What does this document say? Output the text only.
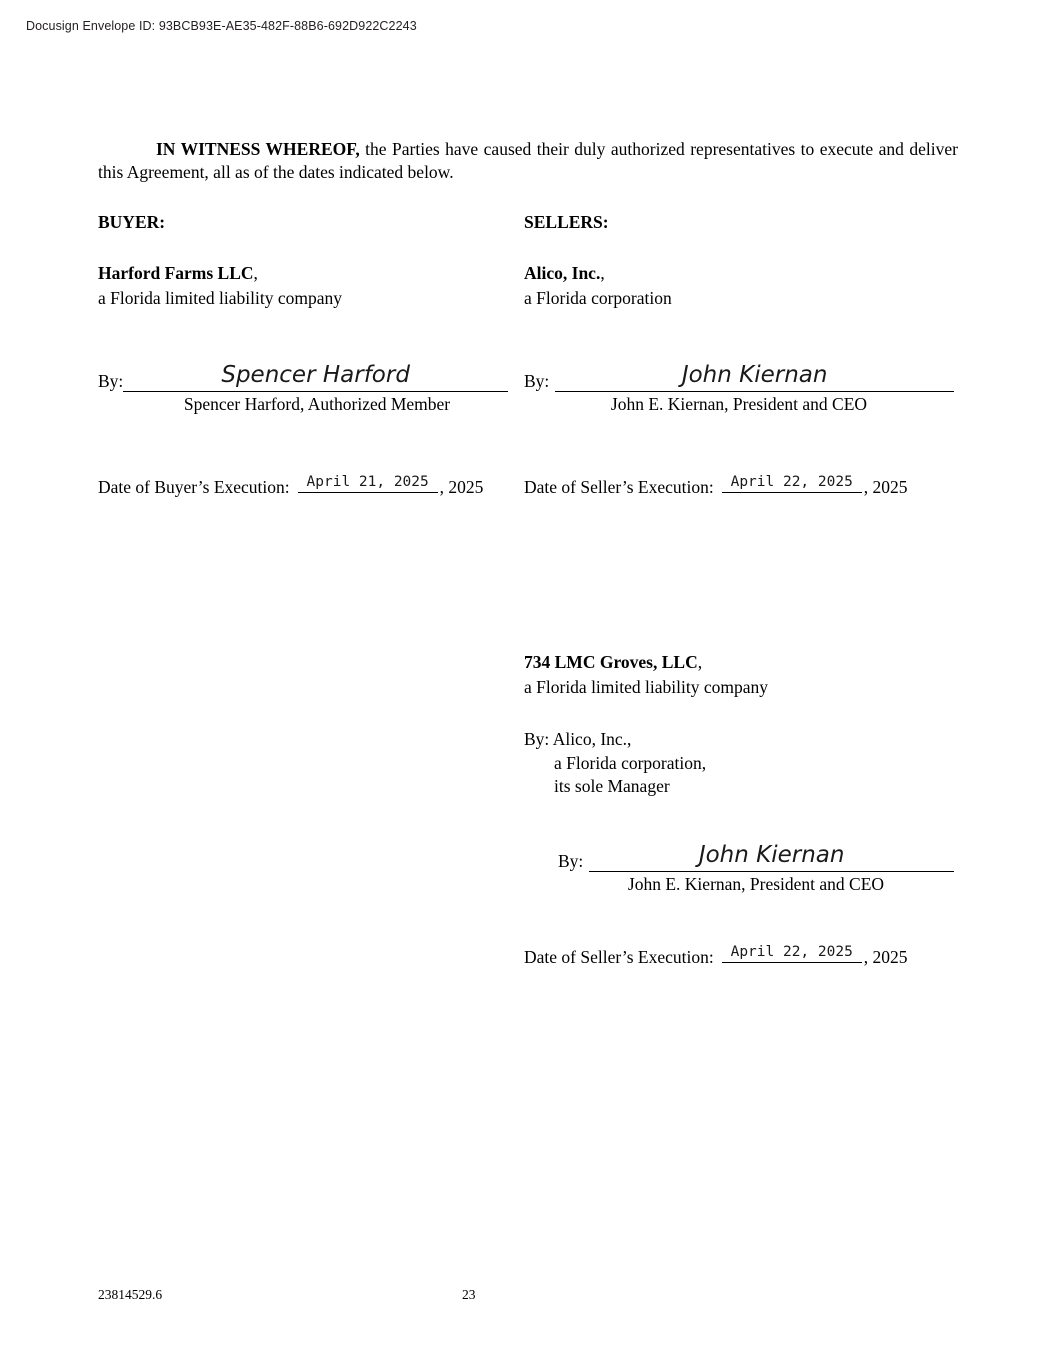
Docusign Envelope ID: 93BCB93E-AE35-482F-88B6-692D922C2243

IN WITNESS WHEREOF, the Parties have caused their duly authorized representatives to execute and deliver this Agreement, all as of the dates indicated below.

BUYER:
Harford Farms LLC,
a Florida limited liability company
By:	Spencer Harford
Spencer Harford, Authorized Member
Date of Buyer’s Execution: April 21, 2025 , 2025
SELLERS:
Alico, Inc.,
a Florida corporation
By:	John Kiernan
John E. Kiernan, President and CEO
Date of Seller’s Execution: April 22, 2025 , 2025
734 LMC Groves, LLC,
a Florida limited liability company
By: Alico, Inc.,
a Florida corporation,
its sole Manager
By:	John Kiernan
John E. Kiernan, President and CEO
Date of Seller’s Execution: April 22, 2025 , 2025
23814529.6	23
